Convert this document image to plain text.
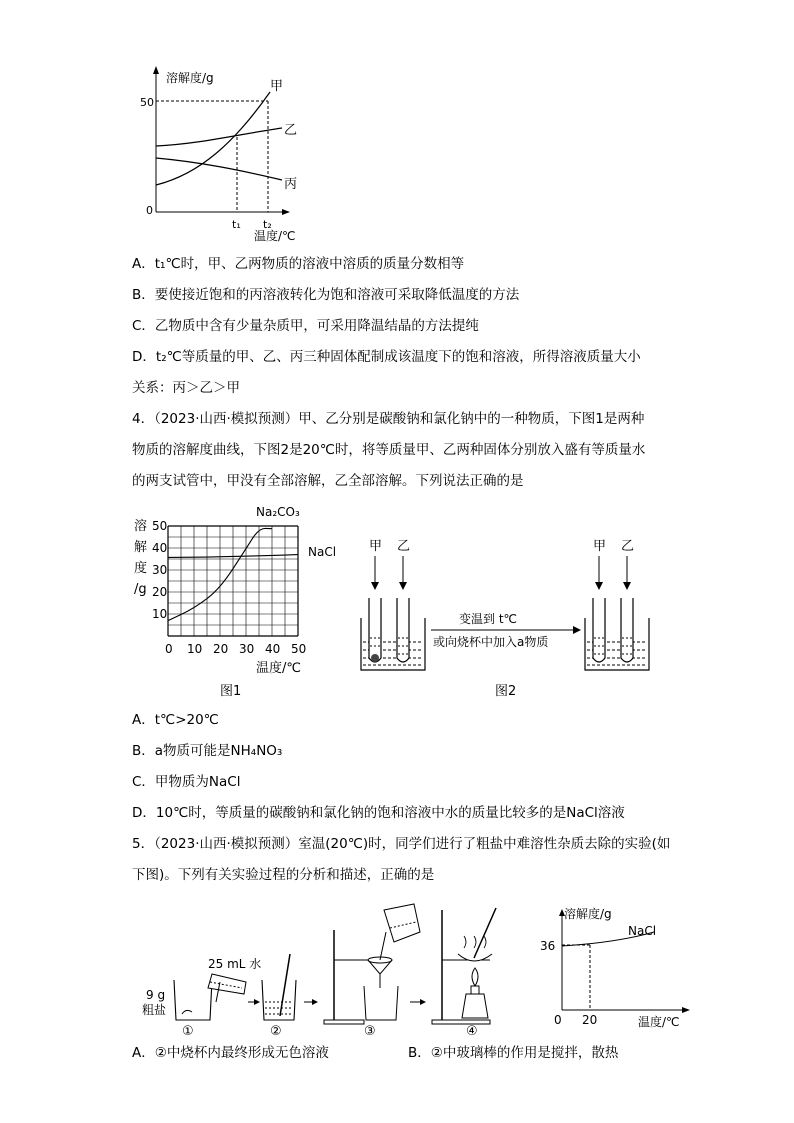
溶解度/g
50
0
甲
乙
丙
t₁ t₂
温度/℃
A．t₁℃时，甲、乙两物质的溶液中溶质的质量分数相等
B．要使接近饱和的丙溶液转化为饱和溶液可采取降低温度的方法
C．乙物质中含有少量杂质甲，可采用降温结晶的方法提纯
D．t₂℃等质量的甲、乙、丙三种固体配制成该温度下的饱和溶液，所得溶液质量大小
关系：丙＞乙＞甲
4．（2023·山西·模拟预测）甲、乙分别是碳酸钠和氯化钠中的一种物质，下图1是两种
物质的溶解度曲线，下图2是20℃时，将等质量甲、乙两种固体分别放入盛有等质量水
的两支试管中，甲没有全部溶解，乙全部溶解。下列说法正确的是
溶
解
度
/g
10
20
30
40
50
0 10 20 30 40 50
Na₂CO₃
NaCl
温度/℃
图1
甲 乙
变温到 t℃
或向烧杯中加入a物质
甲 乙
图2
A．t℃>20℃
B．a物质可能是NH₄NO₃
C．甲物质为NaCl
D．10℃时，等质量的碳酸钠和氯化钠的饱和溶液中水的质量比较多的是NaCl溶液
5．（2023·山西·模拟预测）室温(20℃)时，同学们进行了粗盐中难溶性杂质去除的实验(如
下图)。下列有关实验过程的分析和描述，正确的是
9 g
粗盐
25 mL 水
①	②	③	④
溶解度/g
NaCl
36
0 20	温度/℃
A．②中烧杯内最终形成无色溶液	B．②中玻璃棒的作用是搅拌，散热
